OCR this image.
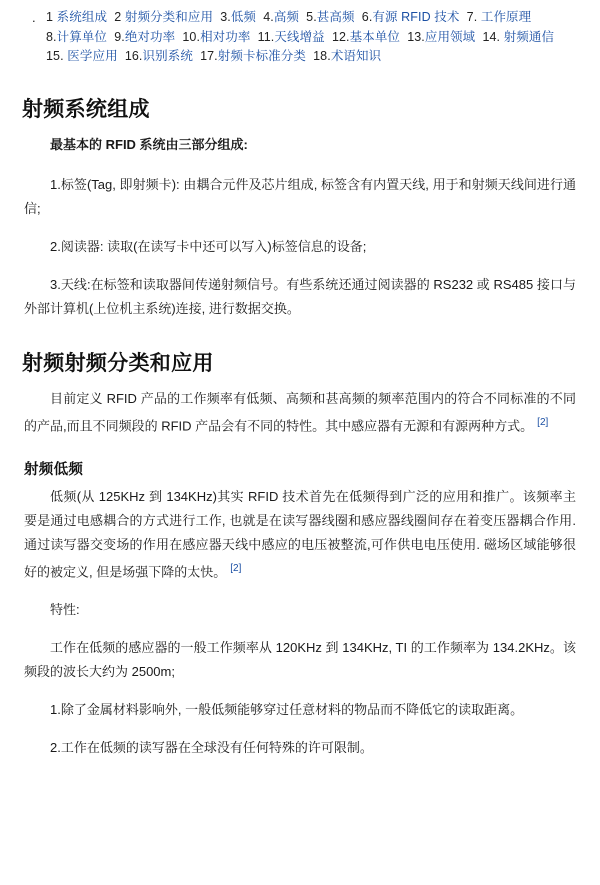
. 1 系统组成 2 射频分类和应用 3.低频 4.高频 5.甚高频 6.有源 RFID 技术 7. 工作原理  8.计算单位 9.绝对功率 10.相对功率 11.天线增益 12.基本单位 13.应用领域 14. 射频通信  15. 医学应用 16.识别系统 17.射频卡标准分类 18.术语知识
射频系统组成

最基本的 RFID 系统由三部分组成:

1.标签(Tag, 即射频卡): 由耦合元件及芯片组成, 标签含有内置天线, 用于和射频天线间进行通信;

2.阅读器: 读取(在读写卡中还可以写入)标签信息的设备;

3.天线:在标签和读取器间传递射频信号。有些系统还通过阅读器的 RS232 或 RS485 接口与外部计算机(上位机主系统)连接, 进行数据交换。

射频射频分类和应用

目前定义 RFID 产品的工作频率有低频、高频和甚高频的频率范围内的符合不同标准的不同的产品,而且不同频段的 RFID 产品会有不同的特性。其中感应器有无源和有源两种方式。 [2]

射频低频

低频(从 125KHz 到 134KHz)其实 RFID 技术首先在低频得到广泛的应用和推广。该频率主要是通过电感耦合的方式进行工作, 也就是在读写器线圈和感应器线圈间存在着变压器耦合作用.通过读写器交变场的作用在感应器天线中感应的电压被整流,可作供电电压使用. 磁场区域能够很好的被定义, 但是场强下降的太快。 [2]

特性:

工作在低频的感应器的一般工作频率从 120KHz 到 134KHz, TI 的工作频率为 134.2KHz。该频段的波长大约为 2500m;

1.除了金属材料影响外, 一般低频能够穿过任意材料的物品而不降低它的读取距离。

2.工作在低频的读写器在全球没有任何特殊的许可限制。
